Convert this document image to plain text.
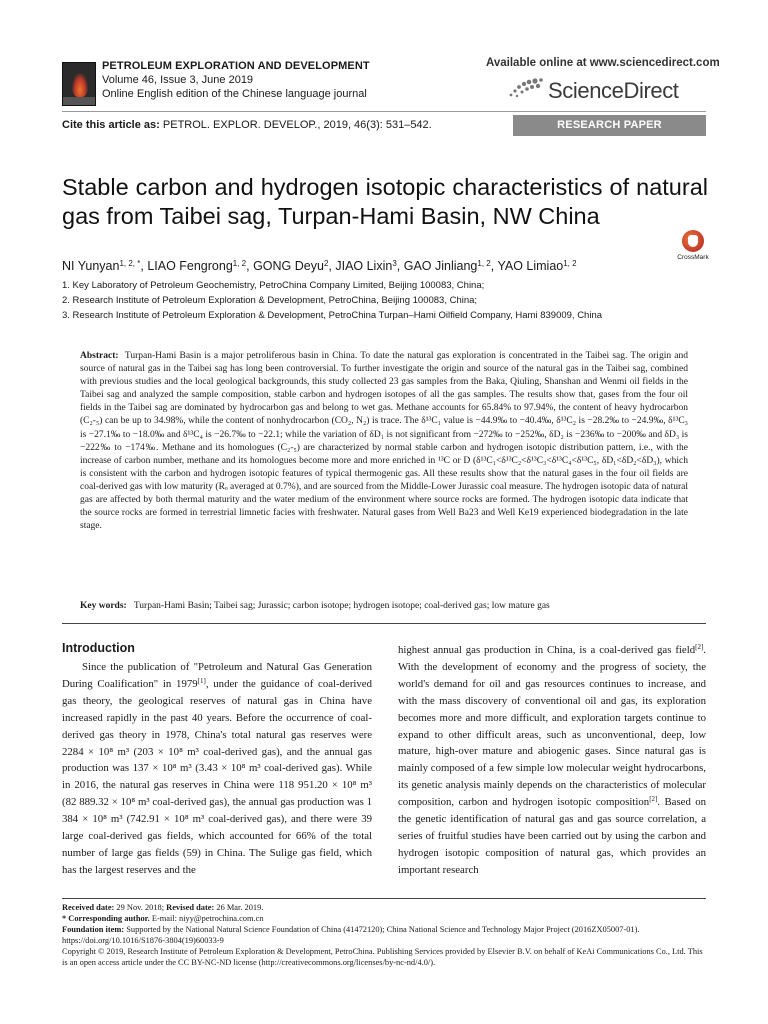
PETROLEUM EXPLORATION AND DEVELOPMENT
Volume 46, Issue 3, June 2019
Online English edition of the Chinese language journal
Available online at www.sciencedirect.com
ScienceDirect
Cite this article as: PETROL. EXPLOR. DEVELOP., 2019, 46(3): 531–542.	RESEARCH PAPER
Stable carbon and hydrogen isotopic characteristics of natural gas from Taibei sag, Turpan-Hami Basin, NW China
CrossMark
NI Yunyan$^{1, 2, *}$, LIAO Fengrong$^{1, 2}$, GONG Deyu$^2$, JIAO Lixin$^3$, GAO Jinliang$^{1, 2}$, YAO Limiao$^{1, 2}$
1. Key Laboratory of Petroleum Geochemistry, PetroChina Company Limited, Beijing 100083, China;
2. Research Institute of Petroleum Exploration & Development, PetroChina, Beijing 100083, China;
3. Research Institute of Petroleum Exploration & Development, PetroChina Turpan–Hami Oilfield Company, Hami 839009, China
Abstract: Turpan-Hami Basin is a major petroliferous basin in China. To date the natural gas exploration is concentrated in the Taibei sag. The origin and source of natural gas in the Taibei sag has long been controversial. To further investigate the origin and source of the natural gas in the Taibei sag, combined with previous studies and the local geological backgrounds, this study collected 23 gas samples from the Baka, Qiuling, Shanshan and Wenmi oil fields in the Taibei sag and analyzed the sample composition, stable carbon and hydrogen isotopes of all the gas samples. The results show that, gases from the four oil fields in the Taibei sag are dominated by hydrocarbon gas and belong to wet gas. Methane accounts for 65.84% to 97.94%, the content of heavy hydrocarbon (C₂-₅) can be up to 34.98%, while the content of nonhydrocarbon (CO₂, N₂) is trace. The δ¹³C₁ value is −44.9‰ to −40.4‰, δ¹³C₂ is −28.2‰ to −24.9‰, δ¹³C₃ is −27.1‰ to −18.0‰ and δ¹³C₄ is −26.7‰ to −22.1; while the variation of δD₁ is not significant from −272‰ to −252‰, δD₂ is −236‰ to −200‰ and δD₃ is −222‰ to −174‰. Methane and its homologues (C₂-₅) are characterized by normal stable carbon and hydrogen isotopic distribution pattern, i.e., with the increase of carbon number, methane and its homologues become more and more enriched in ¹³C or D (δ¹³C₁<δ¹³C₂<δ¹³C₃<δ¹³C₄<δ¹³C₅, δD₁<δD₂<δD₃), which is consistent with the carbon and hydrogen isotopic features of typical thermogenic gas. All these results show that the natural gases in the four oil fields are coal-derived gas with low maturity (Rₒ averaged at 0.7%), and are sourced from the Middle-Lower Jurassic coal measure. The hydrogen isotopic data of natural gas are affected by both thermal maturity and the water medium of the environment where source rocks are formed. The hydrogen isotopic data indicate that the source rocks are formed in terrestrial limnetic facies with freshwater. Natural gases from Well Ba23 and Well Ke19 experienced biodegradation in the late stage.
Key words: Turpan-Hami Basin; Taibei sag; Jurassic; carbon isotope; hydrogen isotope; coal-derived gas; low mature gas
Introduction
Since the publication of "Petroleum and Natural Gas Generation During Coalification" in 1979[1], under the guidance of coal-derived gas theory, the geological reserves of natural gas in China have increased rapidly in the past 40 years. Before the occurrence of coal-derived gas theory in 1978, China's total natural gas reserves were 2284 × 10⁸ m³ (203 × 10⁸ m³ coal-derived gas), and the annual gas production was 137 × 10⁸ m³ (3.43 × 10⁸ m³ coal-derived gas). While in 2016, the natural gas reserves in China were 118 951.20 × 10⁸ m³ (82 889.32 × 10⁸ m³ coal-derived gas), the annual gas production was 1 384 × 10⁸ m³ (742.91 × 10⁸ m³ coal-derived gas), and there were 39 large coal-derived gas fields, which accounted for 66% of the total number of large gas fields (59) in China. The Sulige gas field, which has the largest reserves and the
highest annual gas production in China, is a coal-derived gas field[2]. With the development of economy and the progress of society, the world's demand for oil and gas resources continues to increase, and with the mass discovery of conventional oil and gas, its exploration becomes more and more difficult, and exploration targets continue to expand to other difficult areas, such as unconventional, deep, low mature, high-over mature and abiogenic gases. Since natural gas is mainly composed of a few simple low molecular weight hydrocarbons, its genetic analysis mainly depends on the characteristics of molecular composition, carbon and hydrogen isotopic composition[2]. Based on the genetic identification of natural gas and gas source correlation, a series of fruitful studies have been carried out by using the carbon and hydrogen isotopic composition of natural gas, which provides an important research
Received date: 29 Nov. 2018; Revised date: 26 Mar. 2019.
* Corresponding author. E-mail: niyy@petrochina.com.cn
Foundation item: Supported by the National Natural Science Foundation of China (41472120); China National Science and Technology Major Project (2016ZX05007-01).
https://doi.org/10.1016/S1876-3804(19)60033-9
Copyright © 2019, Research Institute of Petroleum Exploration & Development, PetroChina. Publishing Services provided by Elsevier B.V. on behalf of KeAi Communications Co., Ltd. This is an open access article under the CC BY-NC-ND license (http://creativecommons.org/licenses/by-nc-nd/4.0/).
